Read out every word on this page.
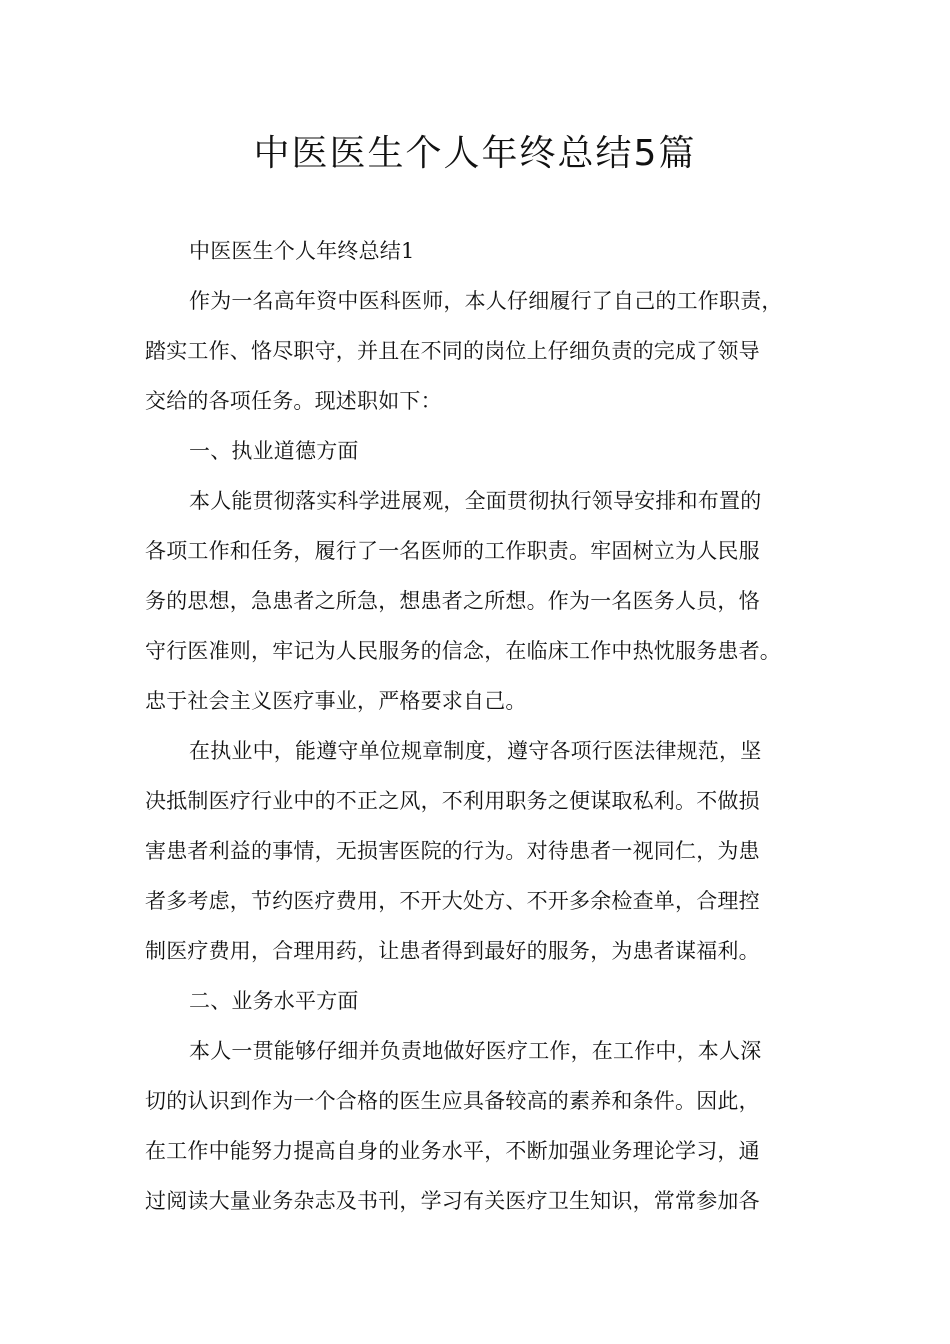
中医医生个人年终总结5篇

中医医生个人年终总结1

作为一名高年资中医科医师，本人仔细履行了自己的工作职责，
踏实工作、恪尽职守，并且在不同的岗位上仔细负责的完成了领导
交给的各项任务。现述职如下：

一、执业道德方面

本人能贯彻落实科学进展观，全面贯彻执行领导安排和布置的
各项工作和任务，履行了一名医师的工作职责。牢固树立为人民服
务的思想，急患者之所急，想患者之所想。作为一名医务人员，恪
守行医准则，牢记为人民服务的信念，在临床工作中热忱服务患者。
忠于社会主义医疗事业，严格要求自己。

在执业中，能遵守单位规章制度，遵守各项行医法律规范，坚
决抵制医疗行业中的不正之风，不利用职务之便谋取私利。不做损
害患者利益的事情，无损害医院的行为。对待患者一视同仁，为患
者多考虑，节约医疗费用，不开大处方、不开多余检查单，合理控
制医疗费用，合理用药，让患者得到最好的服务，为患者谋福利。

二、业务水平方面

本人一贯能够仔细并负责地做好医疗工作，在工作中，本人深
切的认识到作为一个合格的医生应具备较高的素养和条件。因此，
在工作中能努力提高自身的业务水平，不断加强业务理论学习，通
过阅读大量业务杂志及书刊，学习有关医疗卫生知识，常常参加各
